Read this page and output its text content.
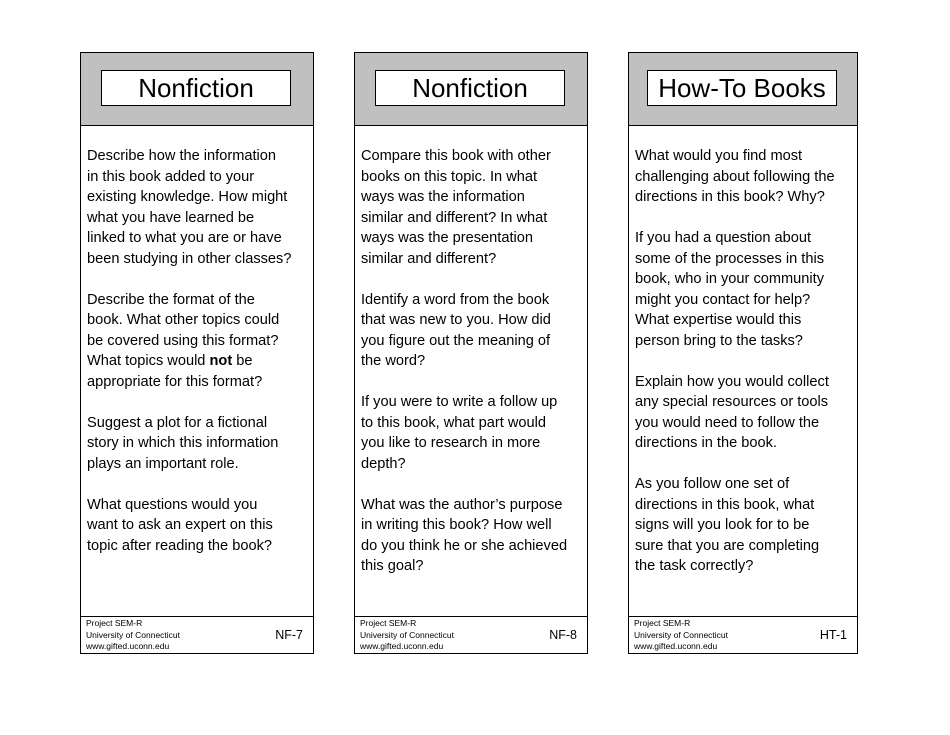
Nonfiction
Describe how the information
in this book added to your
existing knowledge. How might
what you have learned be
linked to what you are or have
been studying in other classes?
Describe the format of the
book. What other topics could
be covered using this format?
What topics would not be
appropriate for this format?
Suggest a plot for a fictional
story in which this information
plays an important role.
What questions would you
want to ask an expert on this
topic after reading the book?
Project SEM-R
University of Connecticut
www.gifted.uconn.edu
NF-7
Nonfiction
Compare this book with other
books on this topic. In what
ways was the information
similar and different? In what
ways was the presentation
similar and different?
Identify a word from the book
that was new to you. How did
you figure out the meaning of
the word?
If you were to write a follow up
to this book, what part would
you like to research in more
depth?
What was the author’s purpose
in writing this book? How well
do you think he or she achieved
this goal?
Project SEM-R
University of Connecticut
www.gifted.uconn.edu
NF-8
How-To Books
What would you find most
challenging about following the
directions in this book? Why?
If you had a question about
some of the processes in this
book, who in your community
might you contact for help?
What expertise would this
person bring to the tasks?
Explain how you would collect
any special resources or tools
you would need to follow the
directions in the book.
As you follow one set of
directions in this book, what
signs will you look for to be
sure that you are completing
the task correctly?
Project SEM-R
University of Connecticut
www.gifted.uconn.edu
HT-1
